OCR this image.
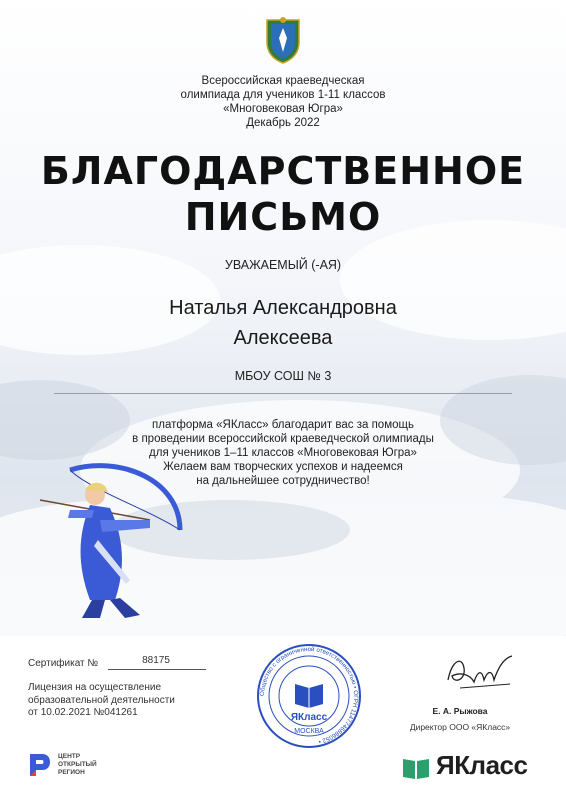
Всероссийская краеведческая
олимпиада для учеников 1-11 классов
«Многовековая Югра»
Декабрь 2022
БЛАГОДАРСТВЕННОЕ
ПИСЬМО
УВАЖАЕМЫЙ (-АЯ)
Наталья Александровна
Алексеева
МБОУ СОШ № 3
платформа «ЯКласс» благодарит вас за помощь
в проведении всероссийской краеведческой олимпиады
для учеников 1–11 классов «Многовековая Югра»
Желаем вам творческих успехов и надеемся
на дальнейшее сотрудничество!
Сертификат №	88175
Лицензия на осуществление
образовательной деятельности
от 10.02.2021 №041261
Общество с ограниченной ответственностью • ОГРН 1147746886052 •
ЯКласс
МОСКВА
Е. А. Рыжова
Директор ООО «ЯКласс»
ЦЕНТР
ОТКРЫТЫЙ
РЕГИОН	ЯКласс
